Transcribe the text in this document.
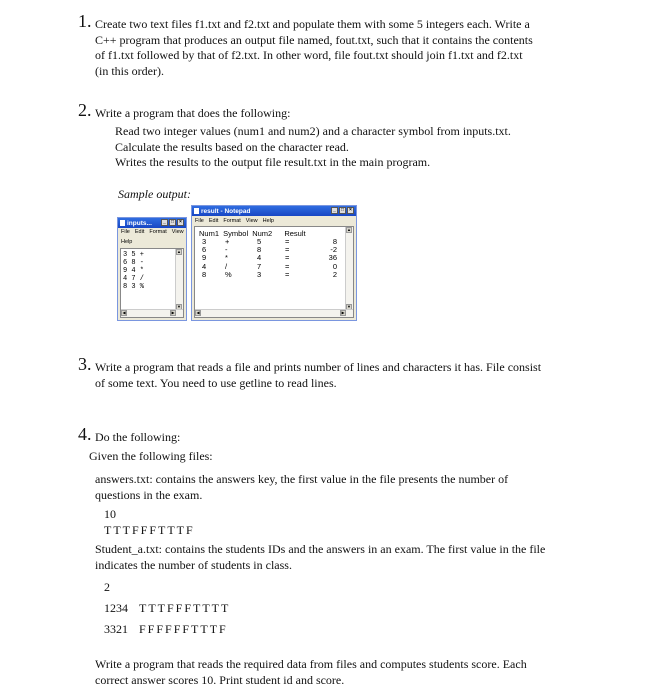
1. Create two text files f1.txt and f2.txt and populate them with some 5 integers each. Write a
C++ program that produces an output file named, fout.txt, such that it contains the contents
of f1.txt followed by that of f2.txt. In other word, file fout.txt should join f1.txt and f2.txt
(in this order).
2. Write a program that does the following:
Read two integer values (num1 and num2) and a character symbol from inputs.txt.
Calculate the results based on the character read.
Writes the results to the output file result.txt in the main program.
Sample output:
inputs...	_	□	×
File Edit Format View
Help
3 5 +
6 8 -
9 4 *
4 7 /
8 3 %
▲
▼
◀	▶
result - Notepad	_	□	×
File Edit Format View Help
Num1 Symbol Num2 Result
3	+	5	=	8
6	-	8	=	-2
9	*	4	=	36
4	/	7	=	0
8	%	3	=	2
▲
▼
◀	▶
3. Write a program that reads a file and prints number of lines and characters it has. File consist
of some text. You need to use getline to read lines.
4. Do the following:
Given the following files:
answers.txt: contains the answers key, the first value in the file presents the number of
questions in the exam.
10
TTTFFFTTTF
Student_a.txt: contains the students IDs and the answers in an exam. The first value in the file
indicates the number of students in class.
2
1234 TTTFFFTTTT
3321 FFFFFFTTTF
Write a program that reads the required data from files and computes students score. Each
correct answer scores 10. Print student id and score.
